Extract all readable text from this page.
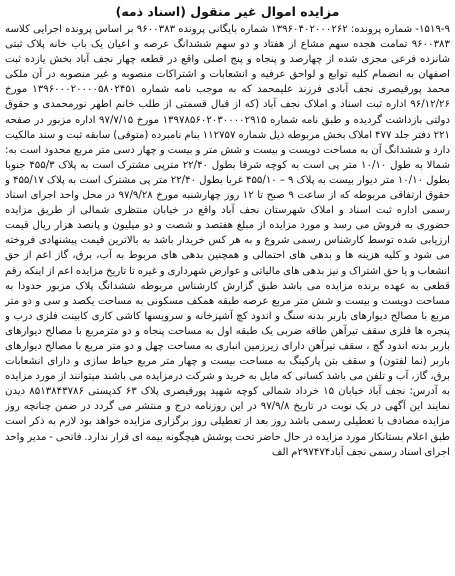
مزایده اموال غیر منقول (اسناد ذمه)
۱۵۱۹-۹- شماره پرونده: ۱۳۹۶۰۴۰۲۰۰۰۲۶۲ شماره بایگانی پرونده ۹۶۰۰۳۸۳ بر اساس پرونده اجرایی کلاسه ۹۶۰۰۳۸۳ تمامت هجده سهم مشاع از هفتاد و دو سهم ششدانگ عرصه و اعیان یک باب خانه پلاک ثبتی شانزده فرعی مجزی شده از چهارصد و پنجاه و پنج اصلی واقع در قطعه چهار نجف آباد بخش یازده ثبت اصفهان به انضمام کلیه توابع و لواحق عرفیه و انشعابات و اشتراکات منصوبه و غیر منصوبه در آن ملکی محمد پورقیصری نجف آبادی فرزند علیمحمد که به موجب نامه شماره ۱۳۹۶۰۰۰۲۰۰۰۰۵۸۰۲۴۵۱ مورخ ۹۶/۱۲/۲۶ اداره ثبت اسناد و املاک نجف آباد (که از قبال قسمتی از طلب خانم اطهر نورمحمدی و حقوق دولتی بازداشت گردیده و طبق نامه شماره ۱۳۹۷۸۵۶۰۲۰۳۰۰۰۰۲۹۱۵ مورخ ۹۷/۷/۱۵ اداره مزبور در صفحه ۲۲۱ دفتر جلد ۴۷۷ املاک بخش مربوطه ذیل شماره ۱۱۲۷۵۷ بنام نامبرده (متوفی) سابقه ثبت و سند مالکیت دارد و ششدانگ آن به مساحت دویست و بیست و شش متر و بیست و چهار دسی متر مربع محدود است به: شمالا به طول ۱۰/۱۰ متر پی است به کوچه شرقا بطول ۲۲/۴۰ مترپی مشترک است به پلاک ۴۵۵/۳ جنوبا بطول ۱۰/۱۰ متر دیوار بیست به پلاک ۹ – ۴۵۵/۱۰ غربا بطول ۲۲/۴۰ متر پی مشترک است به پلاک ۴۵۵/۱۷ و حقوق ارتفاقی مربوطه که از ساعت ۹ صبح تا ۱۲ روز چهارشنبه مورخ ۹۷/۹/۲۸ در محل واحد اجرای اسناد رسمی اداره ثبت اسناد و املاک شهرستان نجف آباد واقع در خیابان منتظری شمالی از طریق مزایده حضوری به فروش می رسد و مورد مزایده از مبلغ هفتصد و شصت و دو میلیون و پانصد هزار ریال قیمت ارزیابی شده توسط کارشناس رسمی شروع و به هر کس خریدار باشد به بالاترین قیمت پیشنهادی فروخته می شود و کلیه هزینه ها و بدهی های احتمالی و همچنین بدهی های مربوط به آب، برق، گاز اعم از حق انشعاب و یا حق اشتراک و نیز بدهی های مالیاتی و عوارض شهرداری و غیره تا تاریخ مزایده اعم از اینکه رقم قطعی به عهده برنده مزایده می باشد طبق گزارش کارشناس مربوطه ششدانگ پلاک مزبور حدودا به مساحت دویست و بیست و شش متر مربع عرصه طبقه همکف مسکونی به مساحت یکصد و سی و دو متر مربع با مصالح دیوارهای باربر بدنه سنگ و اندود کچ آشپزخانه و سرویسها کاشی کاری کابینت فلزی درب و پنجره ها فلزی سقف تیرآهن طاقه ضربی یک طبقه اول به مساحت پنجاه و دو مترمربع با مصالح دیوارهای باربر بدنه اندود گچ ، سقف تیرآهن دارای زیرزمین انباری به مساحت چهل و دو متر مربع با مصالح دیوارهای باربر (نما لفتون) و سقف بتن پارکینگ به مساحت بیست و چهار متر مربع حیاط سازی و دارای انشعابات برق، گاز، آب و تلفن می باشد کسانی که مایل به خرید و شرکت درمزایده می باشند میتوانند از مورد مزایده به آدرس: نجف آباد خیابان ۱۵ خرداد شمالی کوچه شهید پورقیصری پلاک ۶۳ کدپستی ۸۵۱۳۸۴۳۷۸۶ دیدن نمایند این آگهی در یک نوبت در تاریخ ۹۷/۹/۸ در این روزنامه درج و منتشر می گردد در ضمن چنانچه روز مزایده مصادف با تعطیلی رسمی باشد روز بعد از تعطیلی روز برگزاری مزایده خواهد بود لازم به ذکر است طبق اعلام بستانکار مورد مزایده در حال حاضر تحت پوشش هیچگونه بیمه ای قرار ندارد. فاتحی - مدیر واحد اجرای اسناد رسمی نجف آباد۲۹۷۴۷۴م الف
